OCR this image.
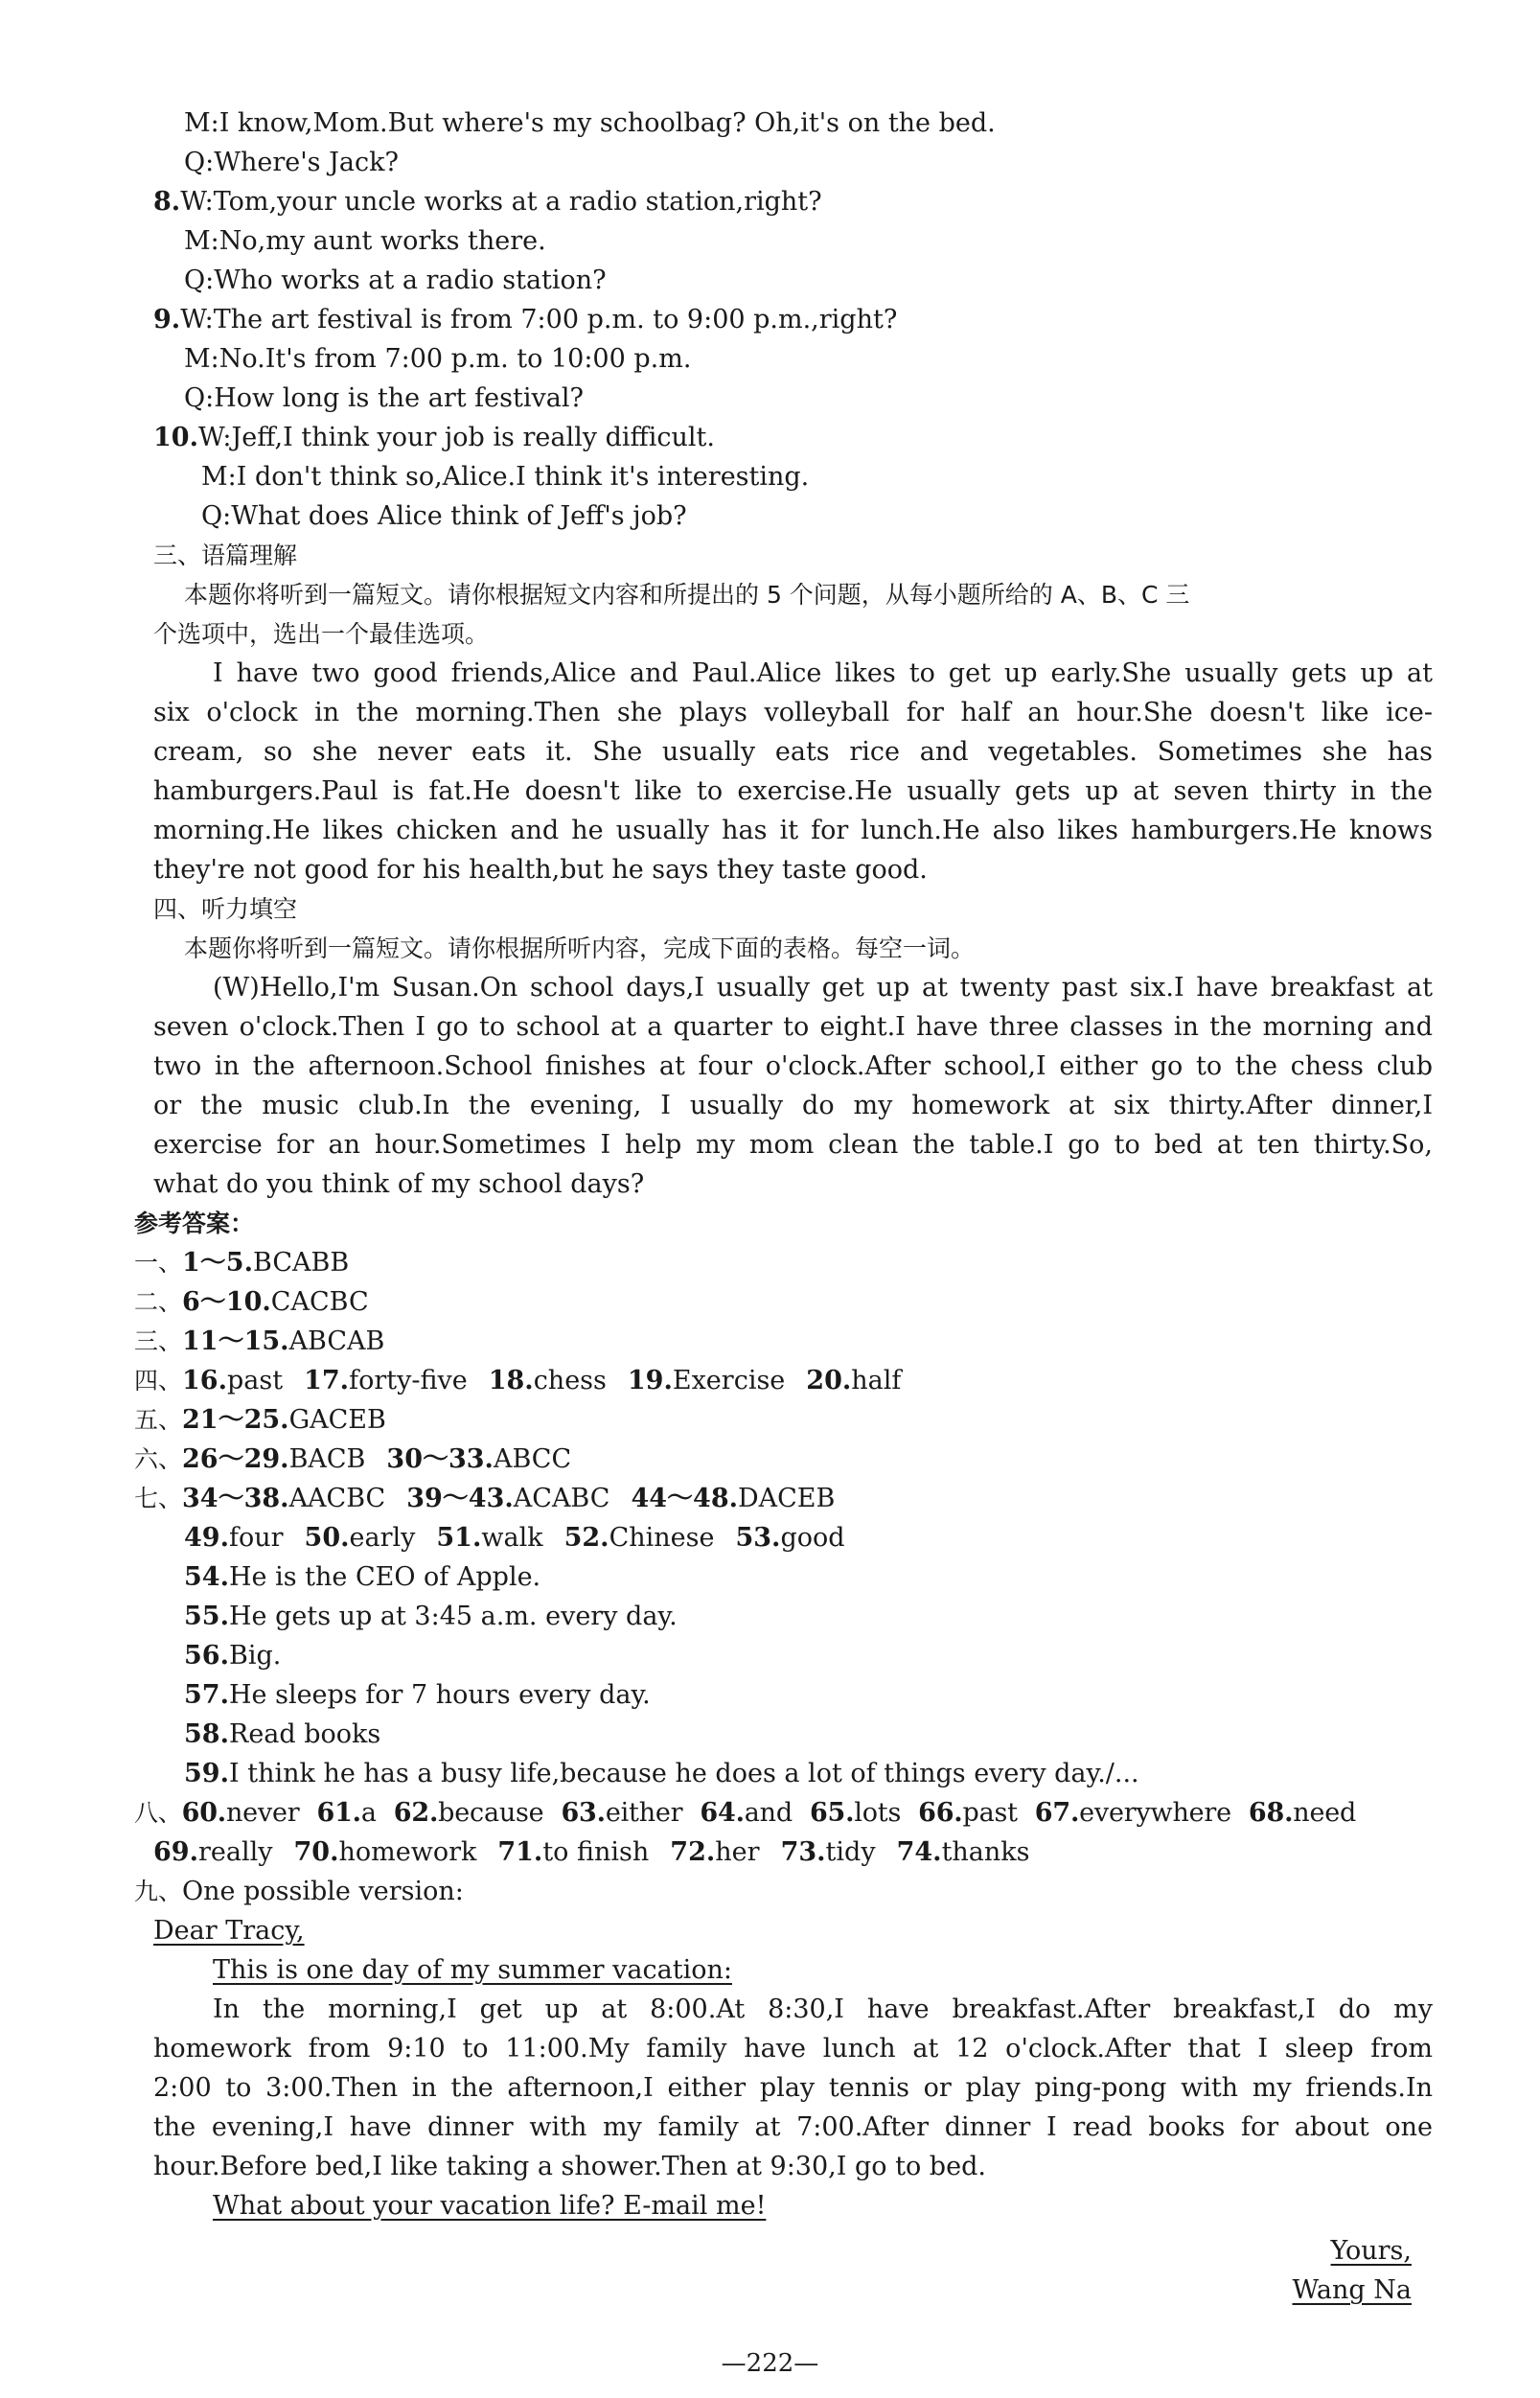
M:I know,Mom.But where's my schoolbag? Oh,it's on the bed.
Q:Where's Jack?
8.W:Tom,your uncle works at a radio station,right?
M:No,my aunt works there.
Q:Who works at a radio station?
9.W:The art festival is from 7:00 p.m. to 9:00 p.m.,right?
M:No.It's from 7:00 p.m. to 10:00 p.m.
Q:How long is the art festival?
10.W:Jeff,I think your job is really difficult.
M:I don't think so,Alice.I think it's interesting.
Q:What does Alice think of Jeff's job?
三、语篇理解
本题你将听到一篇短文。请你根据短文内容和所提出的 5 个问题，从每小题所给的 A、B、C 三
个选项中，选出一个最佳选项。
I have two good friends,Alice and Paul.Alice likes to get up early.She usually gets up at
six o'clock in the morning.Then she plays volleyball for half an hour.She doesn't like ice-
cream, so she never eats it. She usually eats rice and vegetables. Sometimes she has
hamburgers.Paul is fat.He doesn't like to exercise.He usually gets up at seven thirty in the
morning.He likes chicken and he usually has it for lunch.He also likes hamburgers.He knows
they're not good for his health,but he says they taste good.
四、听力填空
本题你将听到一篇短文。请你根据所听内容，完成下面的表格。每空一词。
(W)Hello,I'm Susan.On school days,I usually get up at twenty past six.I have breakfast at
seven o'clock.Then I go to school at a quarter to eight.I have three classes in the morning and
two in the afternoon.School finishes at four o'clock.After school,I either go to the chess club
or the music club.In the evening, I usually do my homework at six thirty.After dinner,I
exercise for an hour.Sometimes I help my mom clean the table.I go to bed at ten thirty.So,
what do you think of my school days?
参考答案：
一、1～5.BCABB
二、6～10.CACBC
三、11～15.ABCAB
四、16.past 17.forty-five 18.chess 19.Exercise 20.half
五、21～25.GACEB
六、26～29.BACB 30～33.ABCC
七、34～38.AACBC 39～43.ACABC 44～48.DACEB
49.four 50.early 51.walk 52.Chinese 53.good
54.He is the CEO of Apple.
55.He gets up at 3:45 a.m. every day.
56.Big.
57.He sleeps for 7 hours every day.
58.Read books
59.I think he has a busy life,because he does a lot of things every day./...
八、60.never 61.a 62.because 63.either 64.and 65.lots 66.past 67.everywhere 68.need
69.really 70.homework 71.to finish 72.her 73.tidy 74.thanks
九、One possible version:
Dear Tracy,
This is one day of my summer vacation:
In the morning,I get up at 8:00.At 8:30,I have breakfast.After breakfast,I do my
homework from 9:10 to 11:00.My family have lunch at 12 o'clock.After that I sleep from
2:00 to 3:00.Then in the afternoon,I either play tennis or play ping-pong with my friends.In
the evening,I have dinner with my family at 7:00.After dinner I read books for about one
hour.Before bed,I like taking a shower.Then at 9:30,I go to bed.
What about your vacation life? E-mail me!
Yours,
Wang Na
—222—
